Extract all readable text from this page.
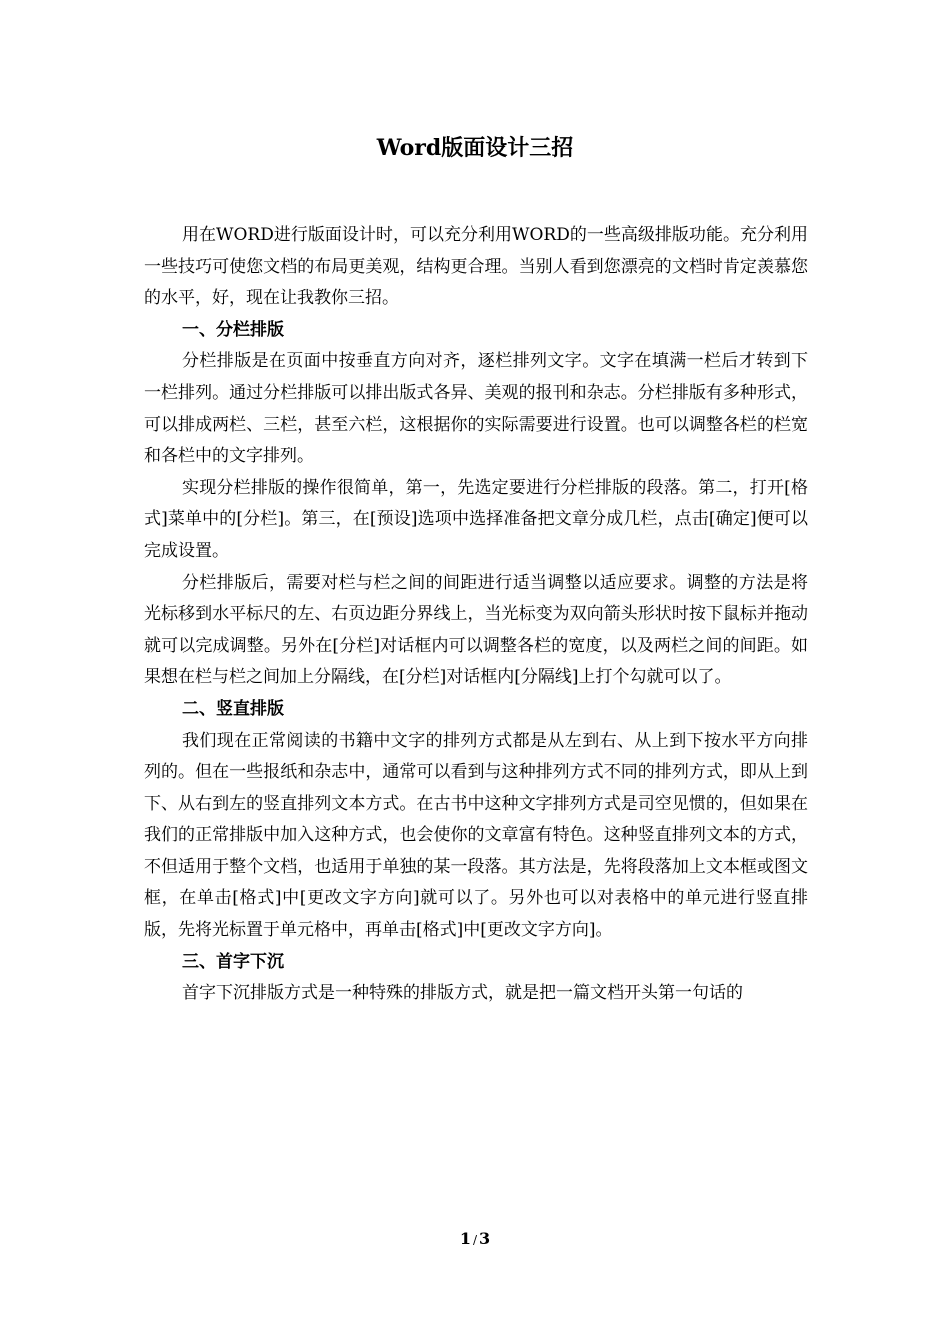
Word版面设计三招

用在WORD进行版面设计时，可以充分利用WORD的一些高级排版功能。充分利用一些技巧可使您文档的布局更美观，结构更合理。当别人看到您漂亮的文档时肯定羡慕您的水平，好，现在让我教你三招。

一、分栏排版

分栏排版是在页面中按垂直方向对齐，逐栏排列文字。文字在填满一栏后才转到下一栏排列。通过分栏排版可以排出版式各异、美观的报刊和杂志。分栏排版有多种形式，可以排成两栏、三栏，甚至六栏，这根据你的实际需要进行设置。也可以调整各栏的栏宽和各栏中的文字排列。

实现分栏排版的操作很简单，第一，先选定要进行分栏排版的段落。第二，打开[格式]菜单中的[分栏]。第三，在[预设]选项中选择准备把文章分成几栏，点击[确定]便可以完成设置。

分栏排版后，需要对栏与栏之间的间距进行适当调整以适应要求。调整的方法是将光标移到水平标尺的左、右页边距分界线上，当光标变为双向箭头形状时按下鼠标并拖动就可以完成调整。另外在[分栏]对话框内可以调整各栏的宽度，以及两栏之间的间距。如果想在栏与栏之间加上分隔线，在[分栏]对话框内[分隔线]上打个勾就可以了。

二、竖直排版

我们现在正常阅读的书籍中文字的排列方式都是从左到右、从上到下按水平方向排列的。但在一些报纸和杂志中，通常可以看到与这种排列方式不同的排列方式，即从上到下、从右到左的竖直排列文本方式。在古书中这种文字排列方式是司空见惯的，但如果在我们的正常排版中加入这种方式，也会使你的文章富有特色。这种竖直排列文本的方式，不但适用于整个文档，也适用于单独的某一段落。其方法是，先将段落加上文本框或图文框，在单击[格式]中[更改文字方向]就可以了。另外也可以对表格中的单元进行竖直排版，先将光标置于单元格中，再单击[格式]中[更改文字方向]。

三、首字下沉

首字下沉排版方式是一种特殊的排版方式，就是把一篇文档开头第一句话的

1 / 3
